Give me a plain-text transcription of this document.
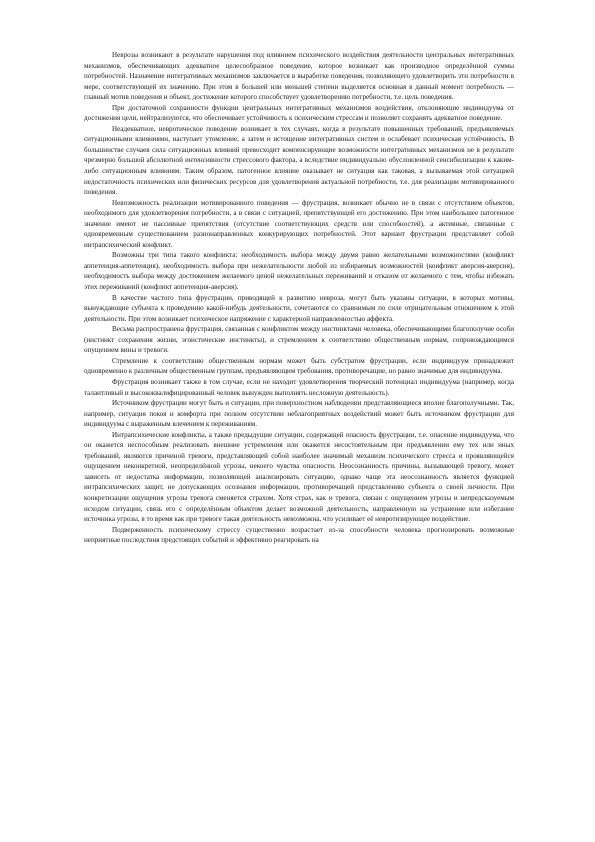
Неврозы возникают в результате нарушения под влиянием психического воздействия деятельности центральных интегративных механизмов, обеспечивающих адекватное целесообразное поведение, которое возникает как производное определённой суммы потребностей. Назначение интегративных механизмов заключается в выработке поведения, позволяющего удовлетворить эти потребности в мере, соответствующей их значению. При этом в большей или меньшей степени выделяется основная в данный момент потребность — главный мотив поведения и объект, достижение которого способствует удовлетворению потребности, т.е. цель поведения.

При достаточной сохранности функции центральных интегративных механизмов воздействия, отклоняющие индивидуума от достижения цели, нейтрализуются, что обеспечивает устойчивость к психическим стрессам и позволяет сохранять адекватное поведение.

Неадекватное, невротическое поведение возникает в тех случаях, когда в результате повышенных требований, предъявляемых ситуационными влияниями, наступает утомление, а затем и истощение интегративных систем и ослабевает психическая устойчивость. В большинстве случаев сила ситуационных влияний превосходит компенсирующие возможности интегративных механизмов не в результате чрезмерно большой абсолютной интенсивности стрессового фактора, а вследствие индивидуально обусловленной сенсибилизации к каким-либо ситуационным влияниям. Таким образом, патогенное влияние оказывает не ситуация как таковая, а вызываемая этой ситуацией недостаточность психических или физических ресурсов для удовлетворения актуальной потребности, т.е. для реализации мотивированного поведения.

Невозможность реализации мотивированного поведения — фрустрация, возникает обычно не в связи с отсутствием объектов, необходимого для удовлетворения потребности, а в связи с ситуацией, препятствующей его достижению. При этом наибольшее патогенное значение имеют не пассивные препятствия (отсутствие соответствующих средств или способностей), а активные, связанные с одновременным существованием разнонаправленных конкурирующих потребностей. Этот вариант фрустрации представляет собой интрапсихический конфликт.

Возможны три типа такого конфликта: необходимость выбора между двумя равно желательными возможностями (конфликт аппетенция-аппетенция), необходимость выбора при нежелательности любой из избираемых возможностей (конфликт аверсия-аверсия), необходимость выбора между достижением желаемого ценой нежелательных переживаний и отказом от желаемого с тем, чтобы избежать этих переживаний (конфликт аппетенция-аверсия).

В качестве частого типа фрустрации, приводящей к развитию невроза, могут быть указаны ситуации, в которых мотивы, вынуждающие субъекта к проведению какой-нибудь деятельности, сочетаются со сравнимым по силе отрицательным отношением к этой деятельности. При этом возникает психическое напряжение с характерной направленностью аффекта.

Весьма распространена фрустрация, связанная с конфликтом между инстинктами человека, обеспечивающими благополучие особи (инстинкт сохранения жизни, эгоистические инстинкты), и стремлением к соответствию общественным нормам, сопровождающимся опущением вины и тревоги.

Стремление к соответствию общественным нормам может быть субстратом фрустрации, если индивидуум принадлежит одновременно к различным общественным группам, предъявляющим требования, противоречащие, но равно значимые для индивидуума.

Фрустрация возникает также в том случае, если не находит удовлетворения творческий потенциал индивидуума (например, когда талантливый и высококвалифицированный человек вынужден выполнять несложную деятельность).

Источником фрустрации могут быть и ситуации, при поверхностном наблюдении представляющиеся вполне благополучными. Так, например, ситуация покоя и комфорта при полном отсутствии неблагоприятных воздействий может быть источником фрустрации для индивидуума с выраженным влечением к переживаниям.

Интрапсихические конфликты, а также предыдущие ситуации, содержащей опасность фрустрации, т.е. опасение индивидуума, что он окажется неспособным реализовать внешние устремления или окажется несостоятельным при предъявлении ему тех или иных требований, являются причиной тревоги, представляющей собой наиболее значимый механизм психического стресса и проявляющейся ощущением неконкретной, неопределённой угрозы, некоего чувства опасности. Неосознанность причины, вызывающей тревогу, может зависеть от недостатка информации, позволяющей анализировать ситуацию, однако чаще эта неосознанность является функцией интрапсихических защит, не допускающих осознания информации, противоречащей представлению субъекта о своей личности. При конкретизации ощущения угрозы тревога сменяется страхом. Хотя страх, как и тревога, связан с ощущением угрозы и непредсказуемым исходом ситуации, связь его с определённым объектом делает возможной деятельность, направленную на устранение или избегание источника угрозы, в то время как при тревоге такая деятельность невозможна, что усиливает её невротизирующее воздействие.

Подверженность психическому стрессу существенно возрастает из-за способности человека прогнозировать возможные неприятные последствия предстоящих событий и эффективно реагировать на
